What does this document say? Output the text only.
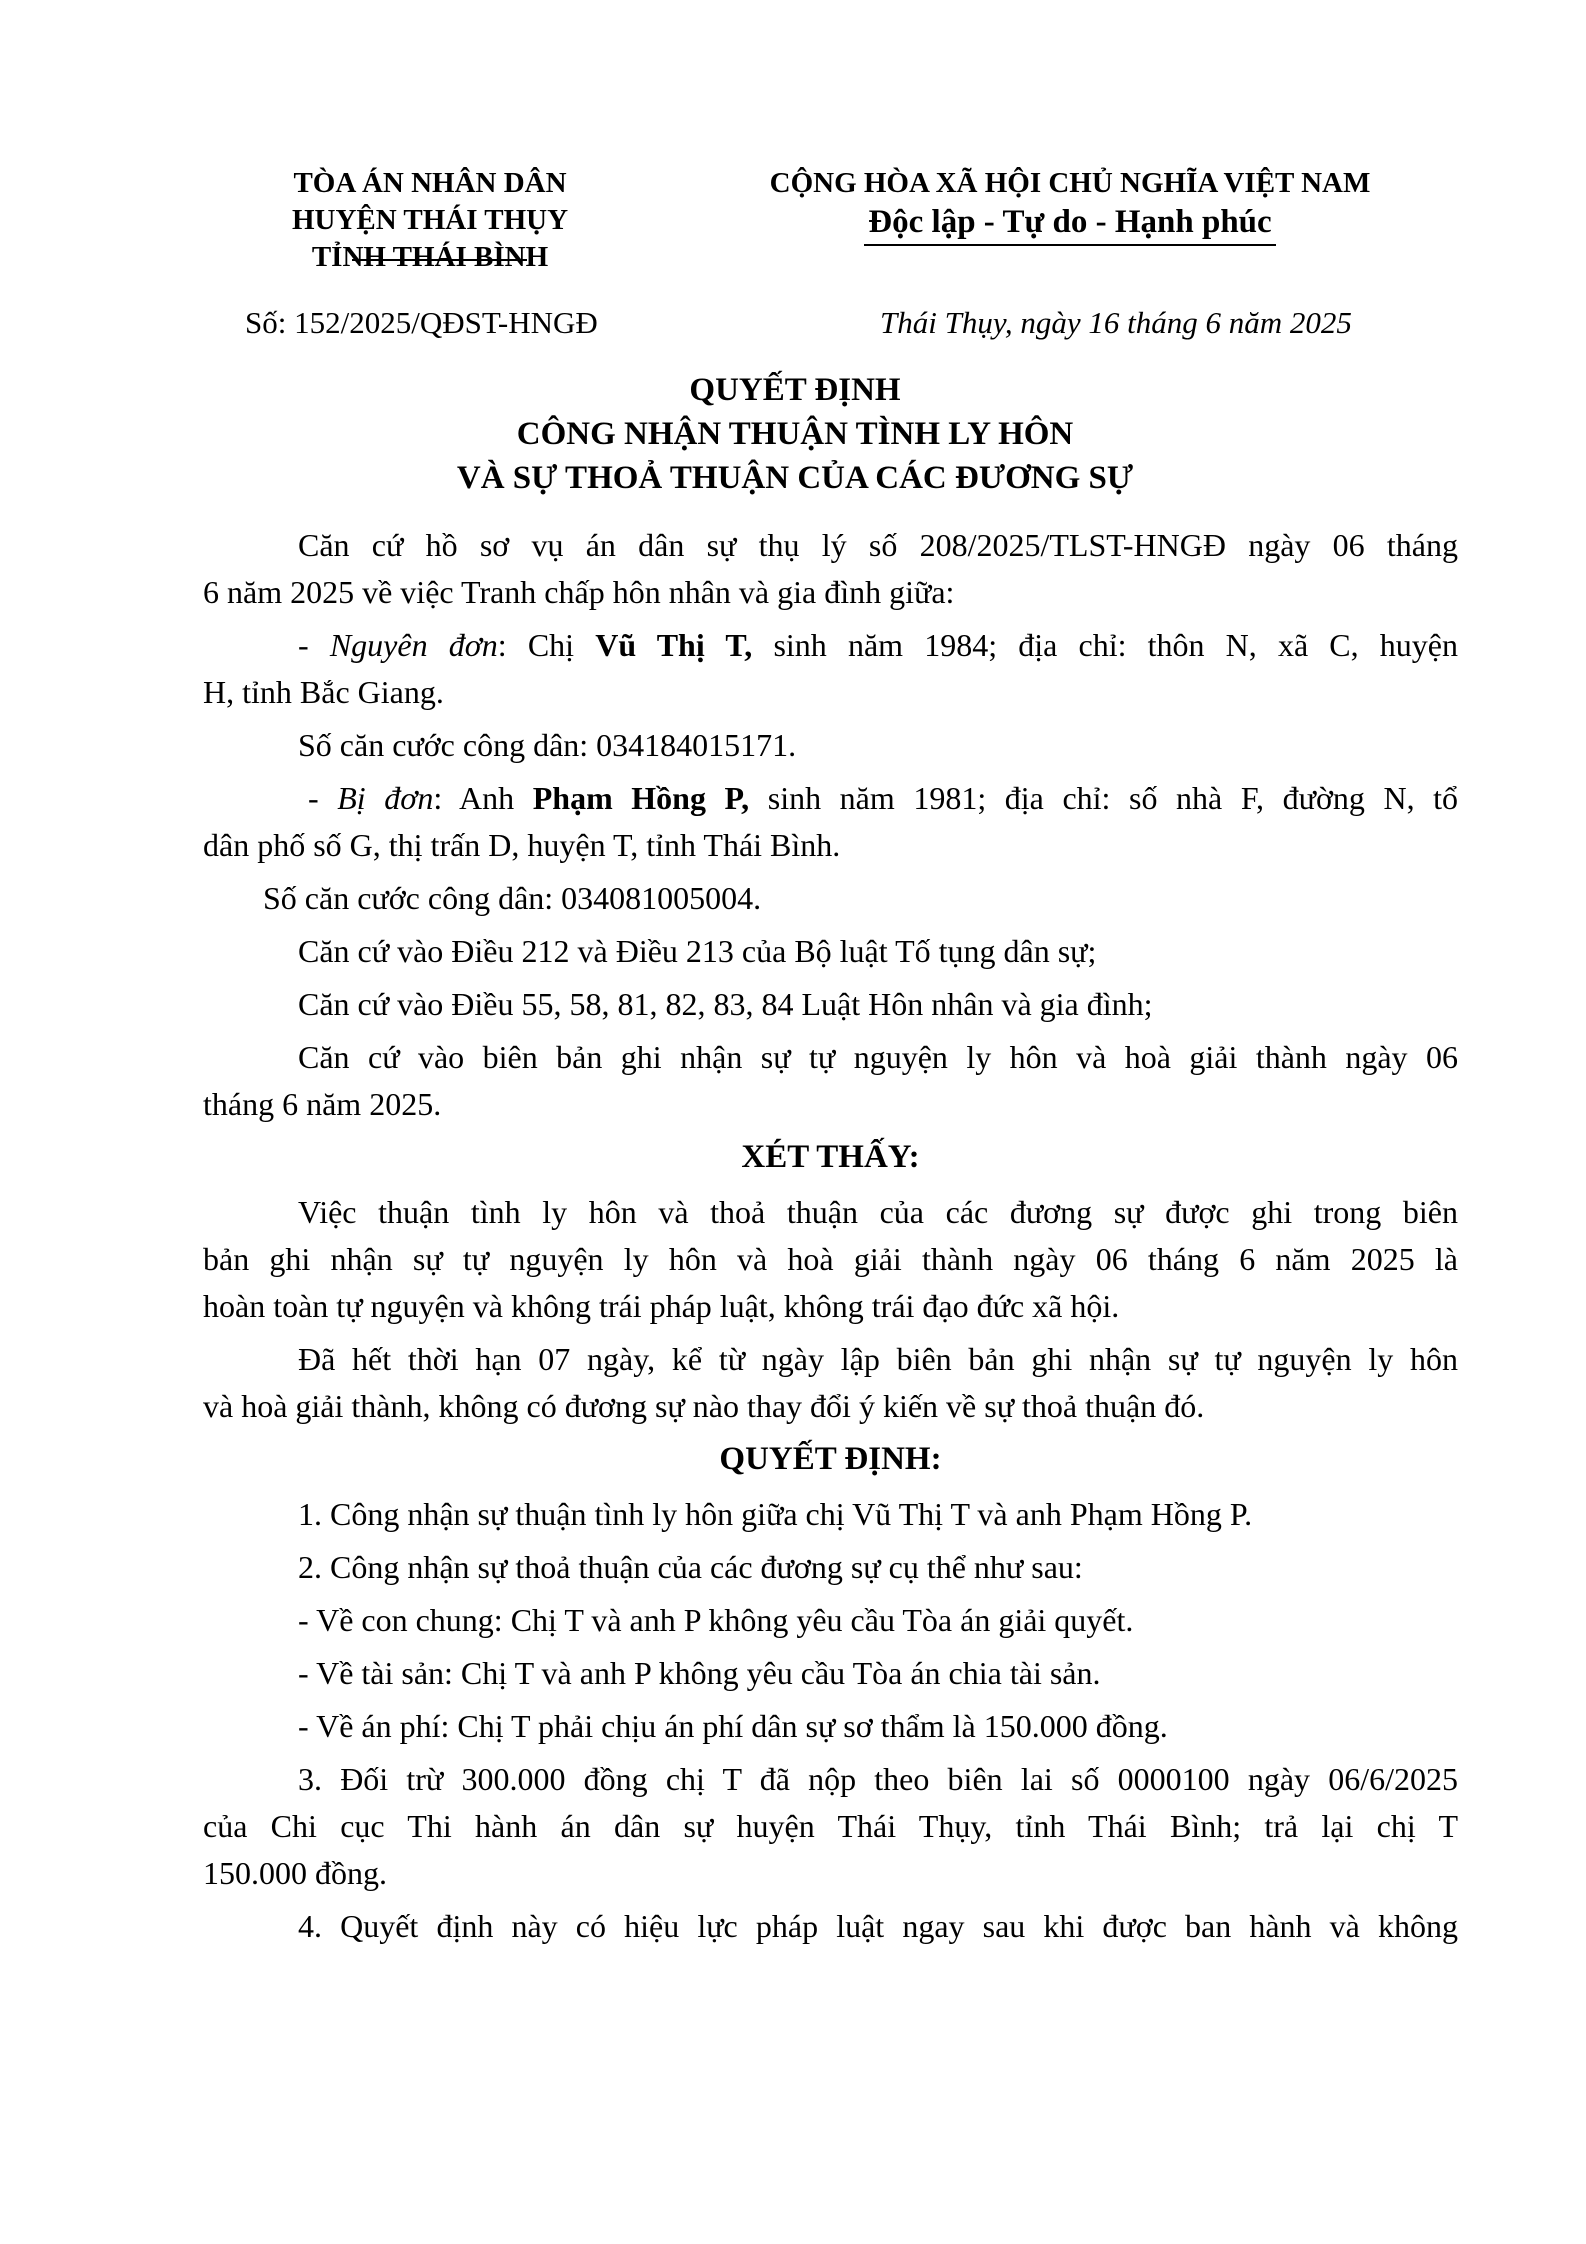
TÒA ÁN NHÂN DÂN
HUYỆN THÁI THỤY
TỈNH THÁI BÌNH
CỘNG HÒA XÃ HỘI CHỦ NGHĨA VIỆT NAM
Độc lập - Tự do - Hạnh phúc
Số: 152/2025/QĐST-HNGĐ	Thái Thụy, ngày 16 tháng 6 năm 2025
QUYẾT ĐỊNH
CÔNG NHẬN THUẬN TÌNH LY HÔN
VÀ SỰ THOẢ THUẬN CỦA CÁC ĐƯƠNG SỰ

Căn cứ hồ sơ vụ án dân sự thụ lý số 208/2025/TLST-HNGĐ ngày 06 tháng
6 năm 2025 về việc Tranh chấp hôn nhân và gia đình giữa:

- Nguyên đơn: Chị Vũ Thị T, sinh năm 1984; địa chỉ: thôn N, xã C, huyện
H, tỉnh Bắc Giang.

Số căn cước công dân: 034184015171.

- Bị đơn: Anh Phạm Hồng P, sinh năm 1981; địa chỉ: số nhà F, đường N, tổ
dân phố số G, thị trấn D, huyện T, tỉnh Thái Bình.

Số căn cước công dân: 034081005004.

Căn cứ vào Điều 212 và Điều 213 của Bộ luật Tố tụng dân sự;

Căn cứ vào Điều 55, 58, 81, 82, 83, 84 Luật Hôn nhân và gia đình;

Căn cứ vào biên bản ghi nhận sự tự nguyện ly hôn và hoà giải thành ngày 06
tháng 6 năm 2025.

XÉT THẤY:

Việc thuận tình ly hôn và thoả thuận của các đương sự được ghi trong biên
bản ghi nhận sự tự nguyện ly hôn và hoà giải thành ngày 06 tháng 6 năm 2025 là
hoàn toàn tự nguyện và không trái pháp luật, không trái đạo đức xã hội.

Đã hết thời hạn 07 ngày, kể từ ngày lập biên bản ghi nhận sự tự nguyện ly hôn
và hoà giải thành, không có đương sự nào thay đổi ý kiến về sự thoả thuận đó.

QUYẾT ĐỊNH:

1. Công nhận sự thuận tình ly hôn giữa chị Vũ Thị T và anh Phạm Hồng P.

2. Công nhận sự thoả thuận của các đương sự cụ thể như sau:

- Về con chung: Chị T và anh P không yêu cầu Tòa án giải quyết.

- Về tài sản: Chị T và anh P không yêu cầu Tòa án chia tài sản.

- Về án phí: Chị T phải chịu án phí dân sự sơ thẩm là 150.000 đồng.

3. Đối trừ 300.000 đồng chị T đã nộp theo biên lai số 0000100 ngày 06/6/2025
của Chi cục Thi hành án dân sự huyện Thái Thụy, tỉnh Thái Bình; trả lại chị T
150.000 đồng.

4. Quyết định này có hiệu lực pháp luật ngay sau khi được ban hành và không
